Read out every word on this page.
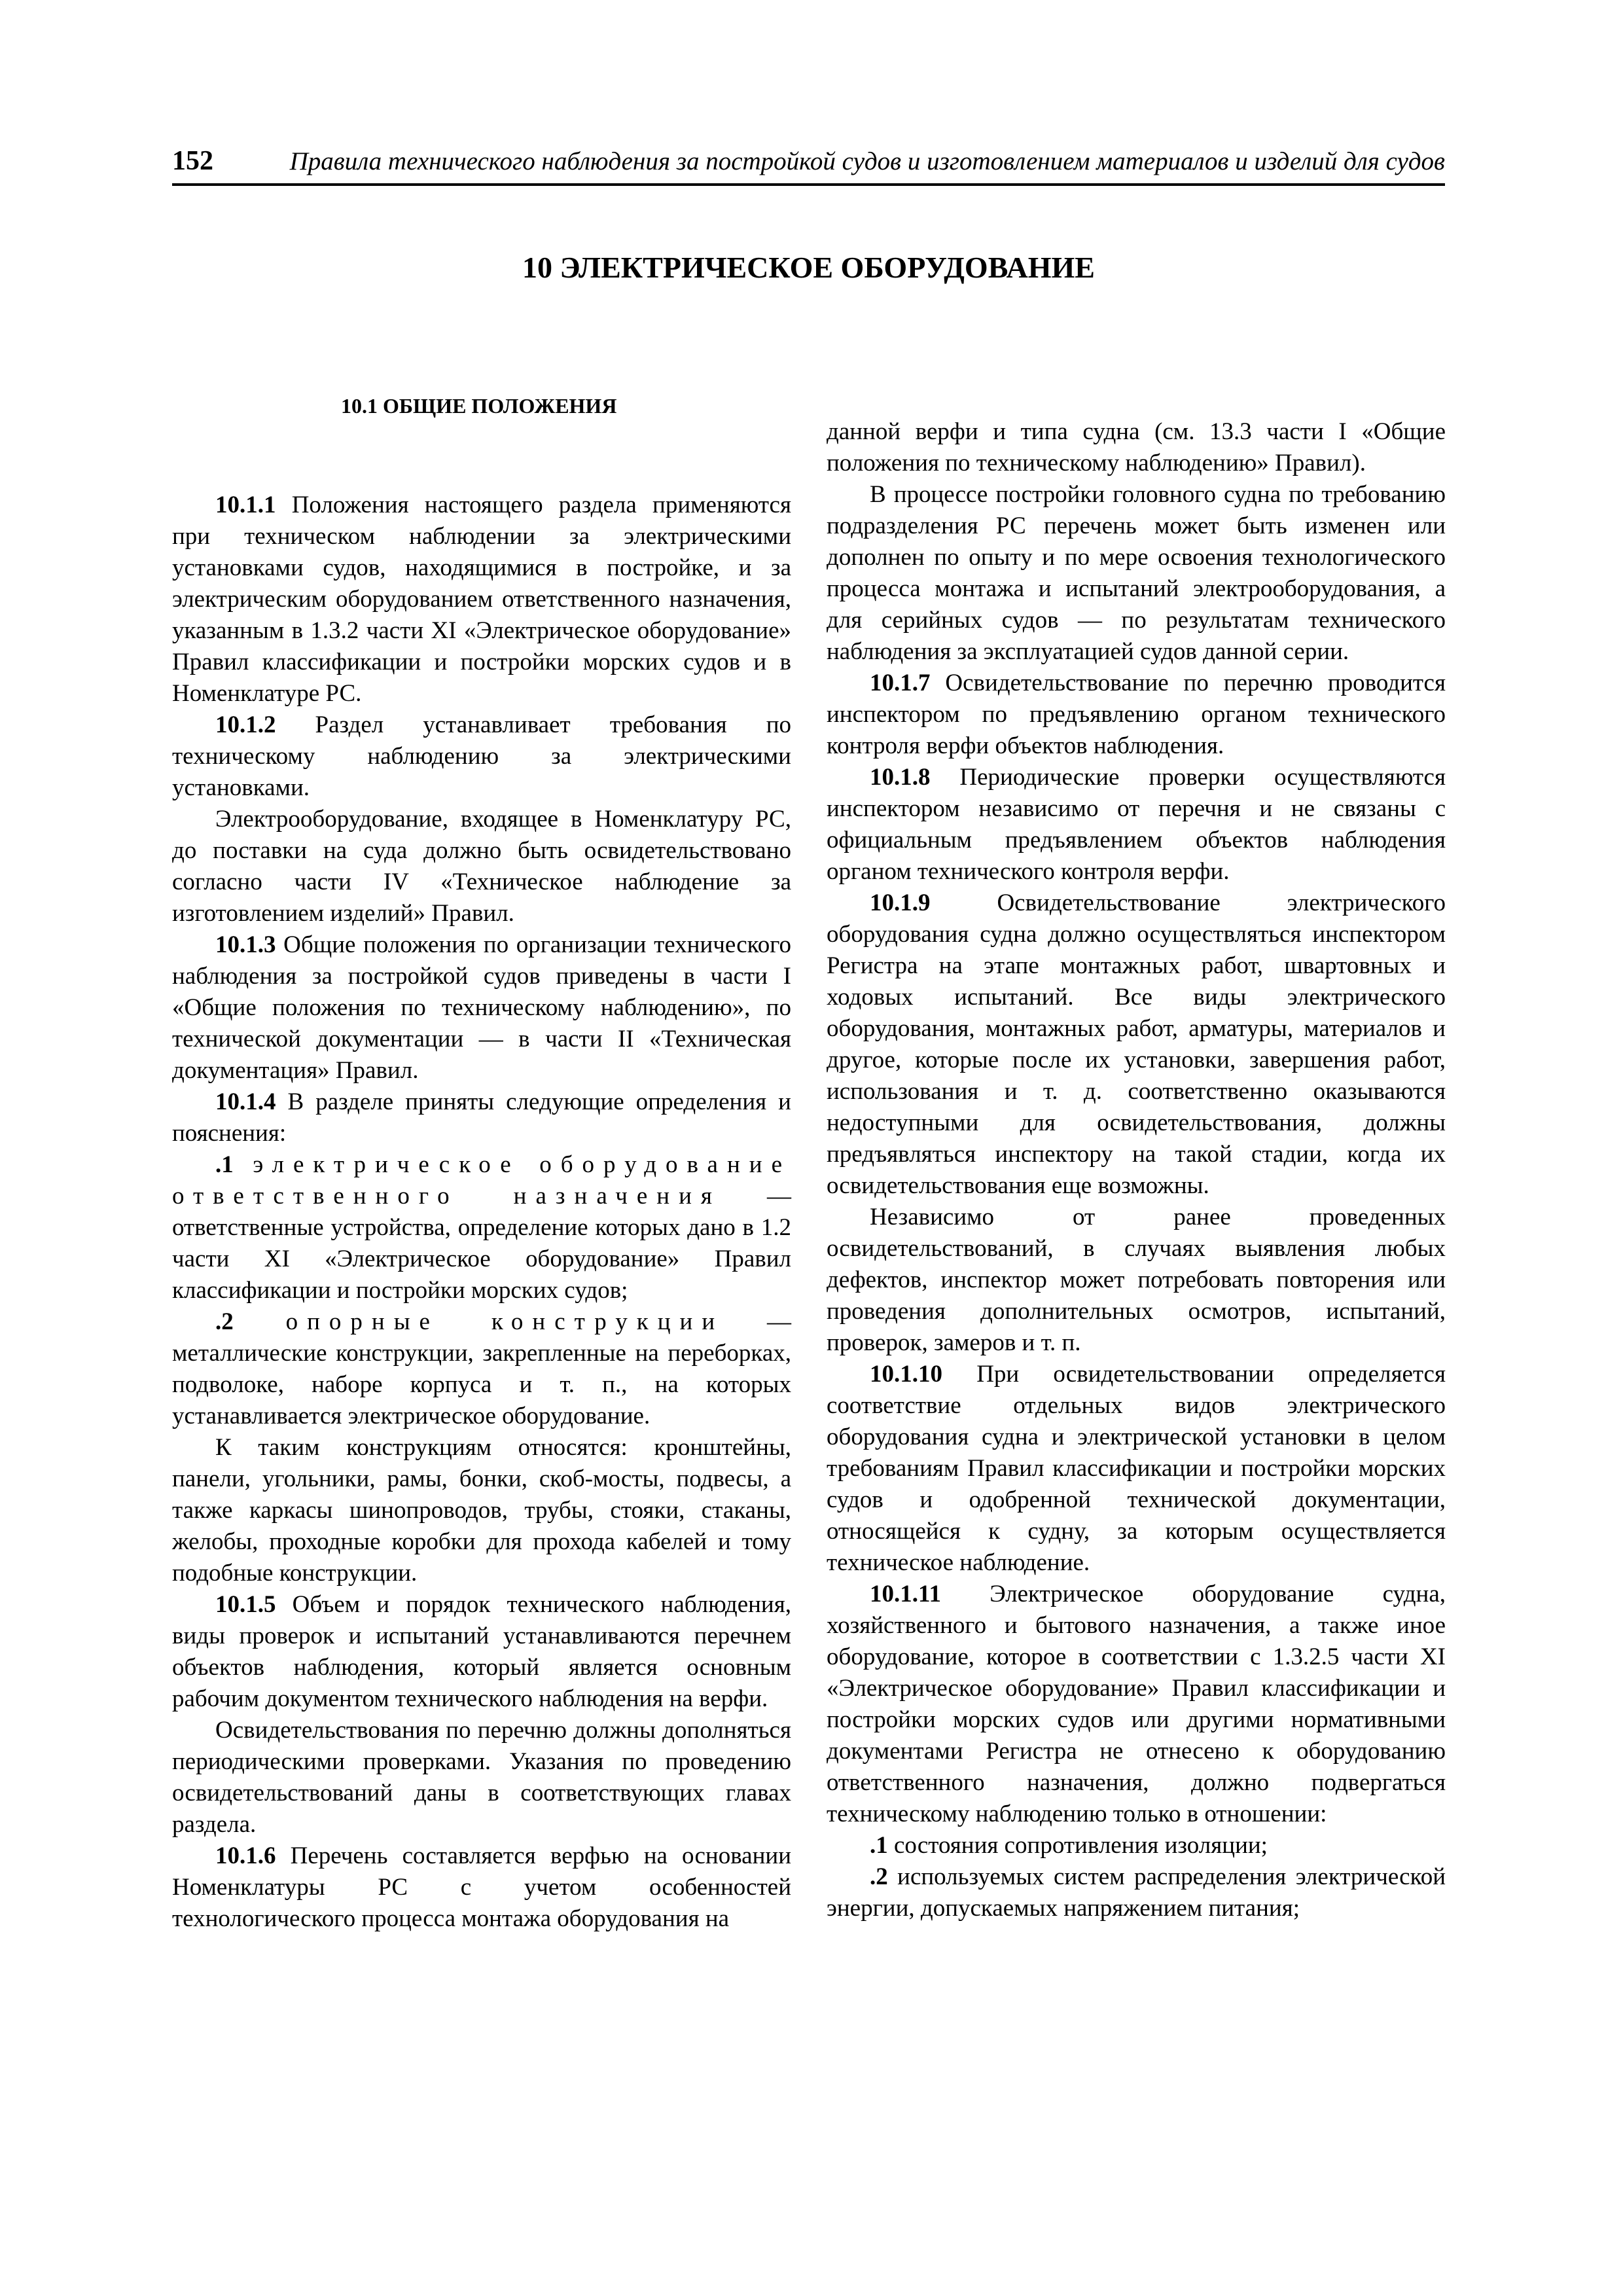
152	Правила технического наблюдения за постройкой судов и изготовлением материалов и изделий для судов
10 ЭЛЕКТРИЧЕСКОЕ ОБОРУДОВАНИЕ
10.1 ОБЩИЕ ПОЛОЖЕНИЯ

10.1.1 Положения настоящего раздела применяются при техническом наблюдении за электрическими установками судов, находящимися в постройке, и за электрическим оборудованием ответственного назначения, указанным в 1.3.2 части XI «Электрическое оборудование» Правил классификации и постройки морских судов и в Номенклатуре РС.

10.1.2 Раздел устанавливает требования по техническому наблюдению за электрическими установками.

Электрооборудование, входящее в Номенклатуру РС, до поставки на суда должно быть освидетельствовано согласно части IV «Техническое наблюдение за изготовлением изделий» Правил.

10.1.3 Общие положения по организации технического наблюдения за постройкой судов приведены в части I «Общие положения по техническому наблюдению», по технической документации — в части II «Техническая документация» Правил.

10.1.4 В разделе приняты следующие определения и пояснения:

.1 электрическое оборудование ответственного назначения — ответственные устройства, определение которых дано в 1.2 части XI «Электрическое оборудование» Правил классификации и постройки морских судов;

.2 опорные конструкции — металлические конструкции, закрепленные на переборках, подволоке, наборе корпуса и т. п., на которых устанавливается электрическое оборудование.

К таким конструкциям относятся: кронштейны, панели, угольники, рамы, бонки, скоб-мосты, подвесы, а также каркасы шинопроводов, трубы, стояки, стаканы, желобы, проходные коробки для прохода кабелей и тому подобные конструкции.

10.1.5 Объем и порядок технического наблюдения, виды проверок и испытаний устанавливаются перечнем объектов наблюдения, который является основным рабочим документом технического наблюдения на верфи.

Освидетельствования по перечню должны дополняться периодическими проверками. Указания по проведению освидетельствований даны в соответствующих главах раздела.

10.1.6 Перечень составляется верфью на основании Номенклатуры РС с учетом особенностей технологического процесса монтажа оборудования на

данной верфи и типа судна (см. 13.3 части I «Общие положения по техническому наблюдению» Правил).

В процессе постройки головного судна по требованию подразделения РС перечень может быть изменен или дополнен по опыту и по мере освоения технологического процесса монтажа и испытаний электрооборудования, а для серийных судов — по результатам технического наблюдения за эксплуатацией судов данной серии.

10.1.7 Освидетельствование по перечню проводится инспектором по предъявлению органом технического контроля верфи объектов наблюдения.

10.1.8 Периодические проверки осуществляются инспектором независимо от перечня и не связаны с официальным предъявлением объектов наблюдения органом технического контроля верфи.

10.1.9 Освидетельствование электрического оборудования судна должно осуществляться инспектором Регистра на этапе монтажных работ, швартовных и ходовых испытаний. Все виды электрического оборудования, монтажных работ, арматуры, материалов и другое, которые после их установки, завершения работ, использования и т. д. соответственно оказываются недоступными для освидетельствования, должны предъявляться инспектору на такой стадии, когда их освидетельствования еще возможны.

Независимо от ранее проведенных освидетельствований, в случаях выявления любых дефектов, инспектор может потребовать повторения или проведения дополнительных осмотров, испытаний, проверок, замеров и т. п.

10.1.10 При освидетельствовании определяется соответствие отдельных видов электрического оборудования судна и электрической установки в целом требованиям Правил классификации и постройки морских судов и одобренной технической документации, относящейся к судну, за которым осуществляется техническое наблюдение.

10.1.11 Электрическое оборудование судна, хозяйственного и бытового назначения, а также иное оборудование, которое в соответствии с 1.3.2.5 части XI «Электрическое оборудование» Правил классификации и постройки морских судов или другими нормативными документами Регистра не отнесено к оборудованию ответственного назначения, должно подвергаться техническому наблюдению только в отношении:

.1 состояния сопротивления изоляции;

.2 используемых систем распределения электрической энергии, допускаемых напряжением питания;
